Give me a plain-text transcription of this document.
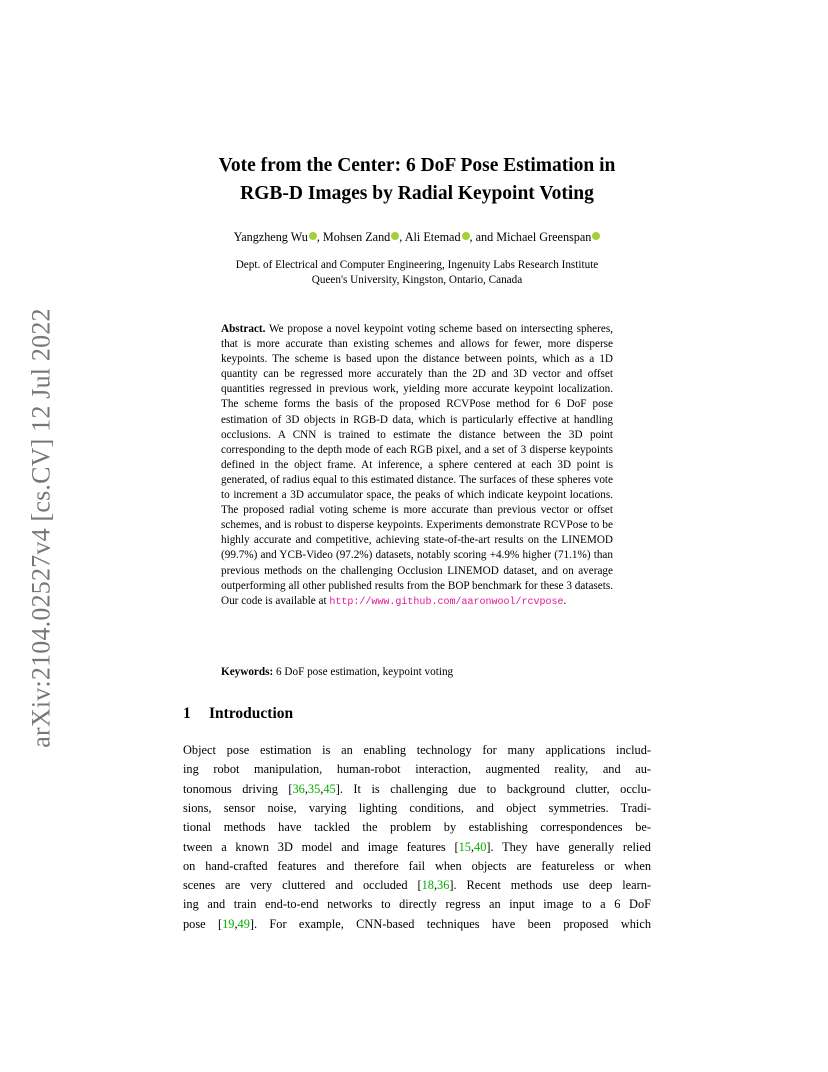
arXiv:2104.02527v4 [cs.CV] 12 Jul 2022
Vote from the Center: 6 DoF Pose Estimation in
RGB-D Images by Radial Keypoint Voting
Yangzheng Wu , Mohsen Zand , Ali Etemad , and Michael Greenspan
Dept. of Electrical and Computer Engineering, Ingenuity Labs Research Institute
Queen's University, Kingston, Ontario, Canada
Abstract. We propose a novel keypoint voting scheme based on intersecting spheres, that is more accurate than existing schemes and allows for fewer, more disperse keypoints. The scheme is based upon the distance between points, which as a 1D quantity can be regressed more accurately than the 2D and 3D vector and offset quantities regressed in previous work, yielding more accurate keypoint localization. The scheme forms the basis of the proposed RCVPose method for 6 DoF pose estimation of 3D objects in RGB-D data, which is particularly effective at handling occlusions. A CNN is trained to estimate the distance between the 3D point corresponding to the depth mode of each RGB pixel, and a set of 3 disperse keypoints defined in the object frame. At inference, a sphere centered at each 3D point is generated, of radius equal to this estimated distance. The surfaces of these spheres vote to increment a 3D accumulator space, the peaks of which indicate keypoint locations. The proposed radial voting scheme is more accurate than previous vector or offset schemes, and is robust to disperse keypoints. Experiments demonstrate RCVPose to be highly accurate and competitive, achieving state-of-the-art results on the LINEMOD (99.7%) and YCB-Video (97.2%) datasets, notably scoring +4.9% higher (71.1%) than previous methods on the challenging Occlusion LINEMOD dataset, and on average outperforming all other published results from the BOP benchmark for these 3 datasets. Our code is available at http://www.github.com/aaronwool/rcvpose.
Keywords: 6 DoF pose estimation, keypoint voting
1 Introduction
Object pose estimation is an enabling technology for many applications includ-
ing robot manipulation, human-robot interaction, augmented reality, and au-
tonomous driving [36,35,45]. It is challenging due to background clutter, occlu-
sions, sensor noise, varying lighting conditions, and object symmetries. Tradi-
tional methods have tackled the problem by establishing correspondences be-
tween a known 3D model and image features [15,40]. They have generally relied
on hand-crafted features and therefore fail when objects are featureless or when
scenes are very cluttered and occluded [18,36]. Recent methods use deep learn-
ing and train end-to-end networks to directly regress an input image to a 6 DoF
pose [19,49]. For example, CNN-based techniques have been proposed which
